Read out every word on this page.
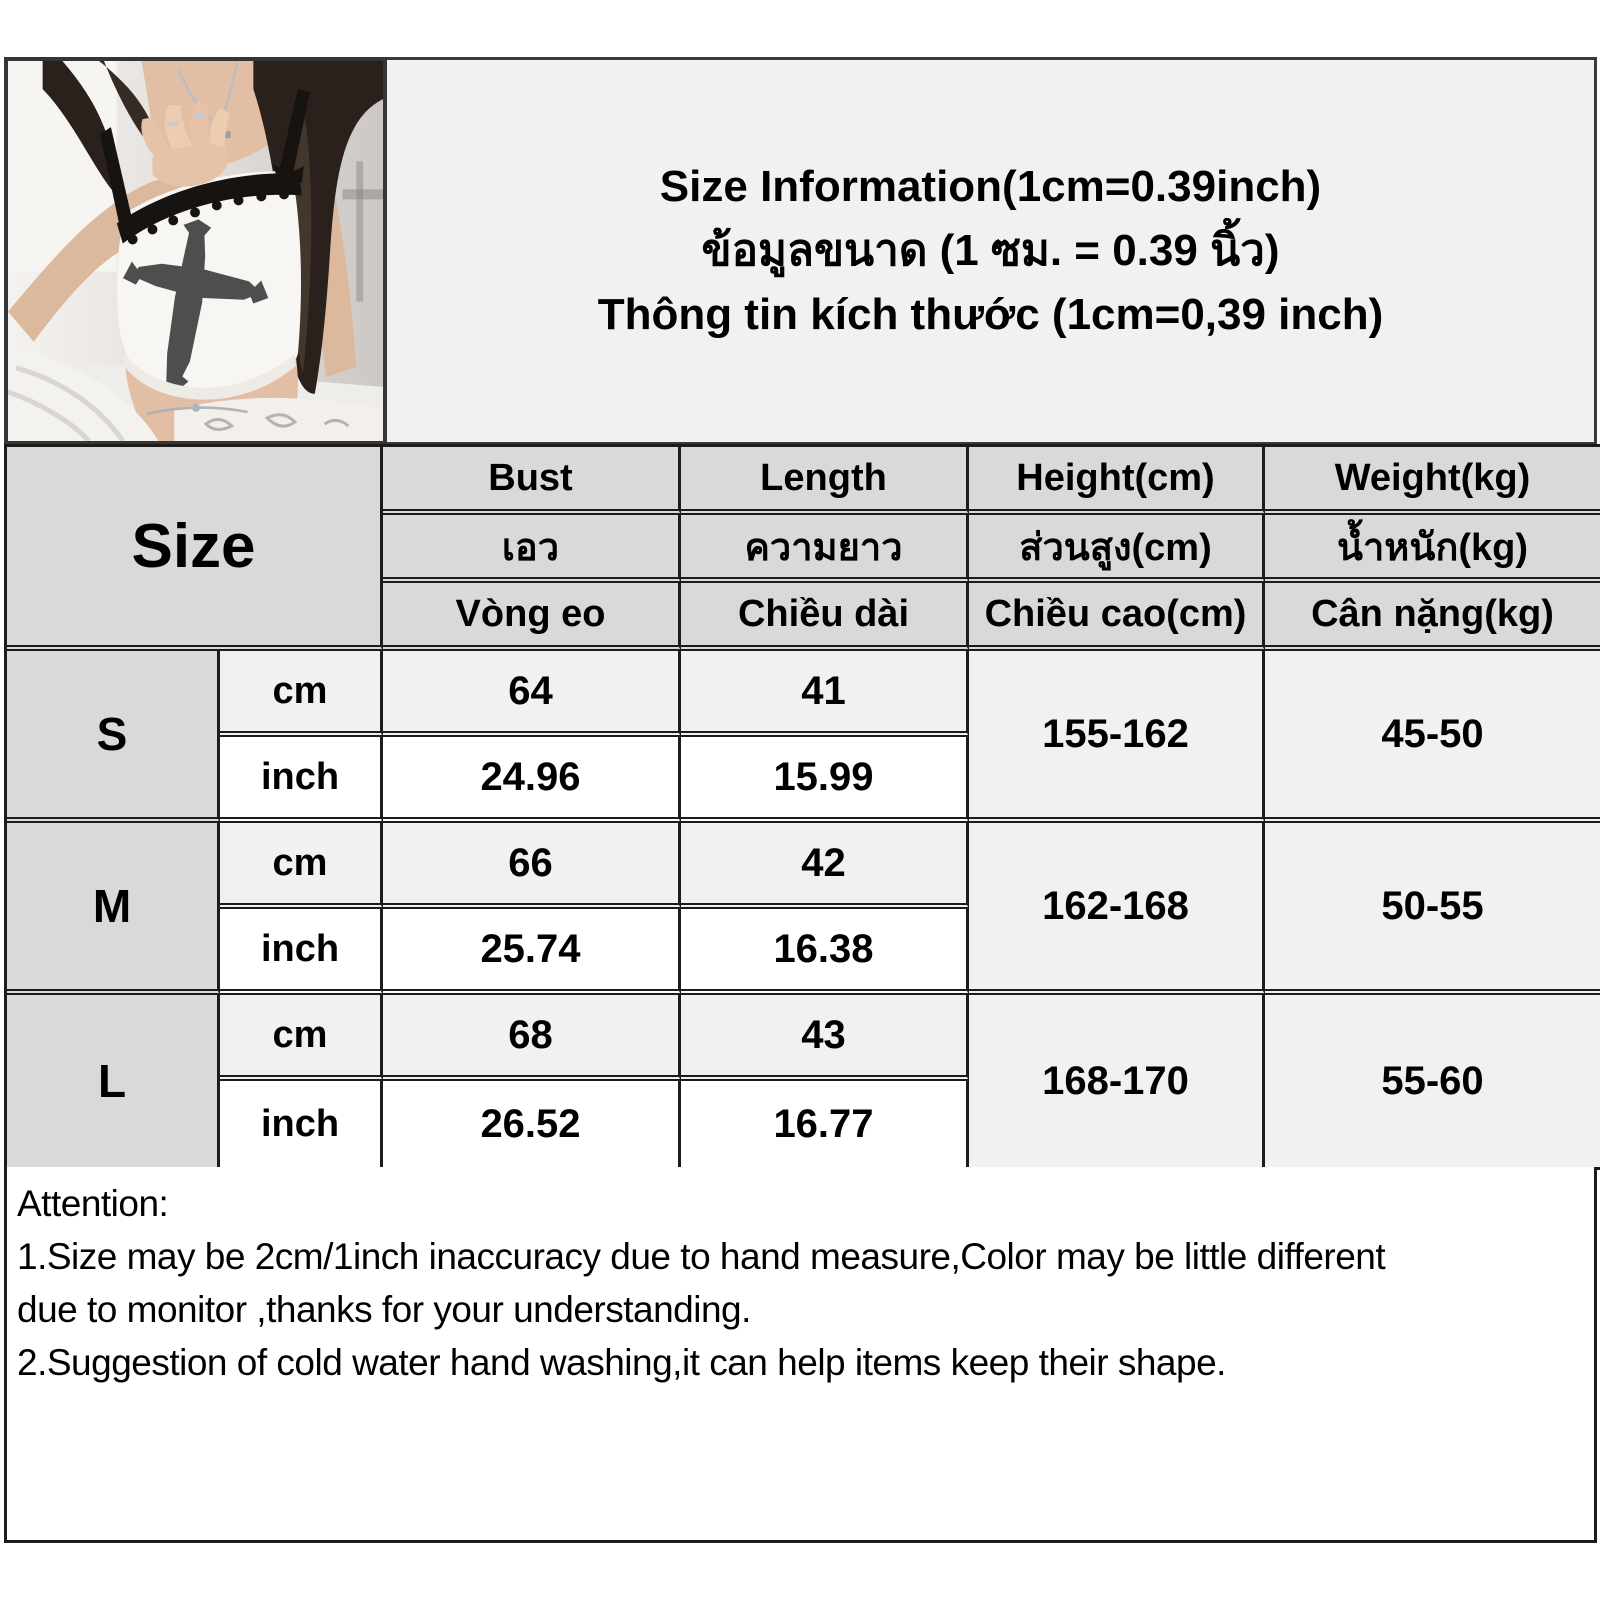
Size Information(1cm=0.39inch)
ข้อมูลขนาด (1 ซม. = 0.39 นิ้ว)
Thông tin kích thước (1cm=0,39 inch)
Size		Bust	Length	Height(cm)	Weight(kg)
		เอว	ความยาว	ส่วนสูง(cm)	น้ำหนัก(kg)
		Vòng eo	Chiều dài	Chiều cao(cm)	Cân nặng(kg)
S	cm	64	41	155-162	45-50
	inch	24.96	15.99		
M	cm	66	42	162-168	50-55
	inch	25.74	16.38		
L	cm	68	43	168-170	55-60
	inch	26.52	16.77		
Attention:
1.Size may be 2cm/1inch inaccuracy due to hand measure,Color may be little different
due to monitor ,thanks for your understanding.
2.Suggestion of cold water hand washing,it can help items keep their shape.
